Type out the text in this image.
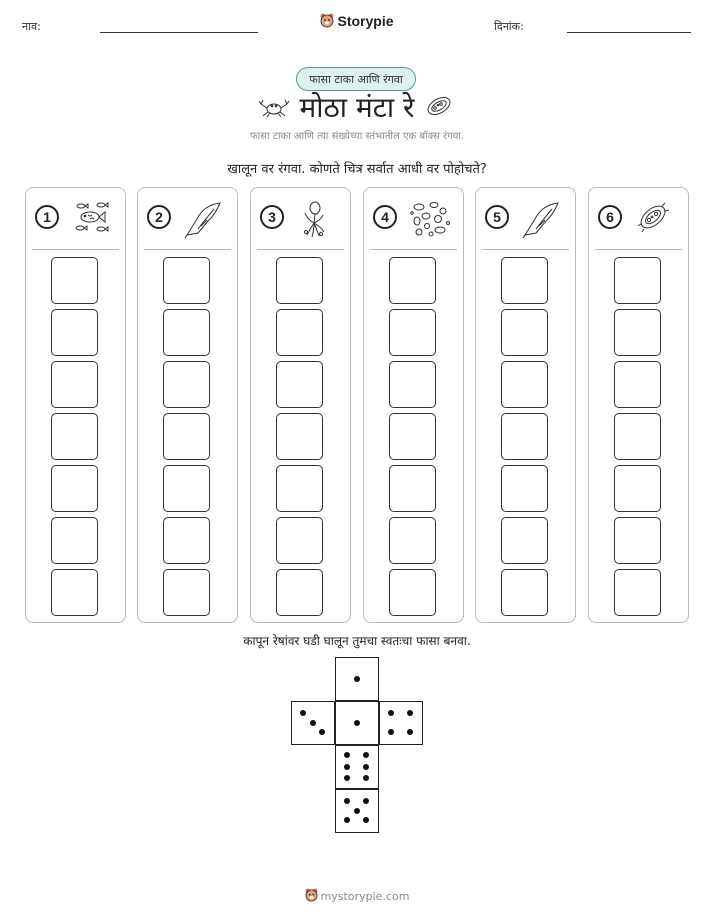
नाव:	Storypie	दिनांक:
फासा टाका आणि रंगवा
मोठा मंटा रे
फासा टाका आणि त्या संख्येच्या स्तंभातील एक बॉक्स रंगवा.
खालून वर रंगवा. कोणते चित्र सर्वात आधी वर पोहोचते?
1	2	3	4	5	6
कापून रेषांवर घडी घालून तुमचा स्वतःचा फासा बनवा.
mystorypie.com
